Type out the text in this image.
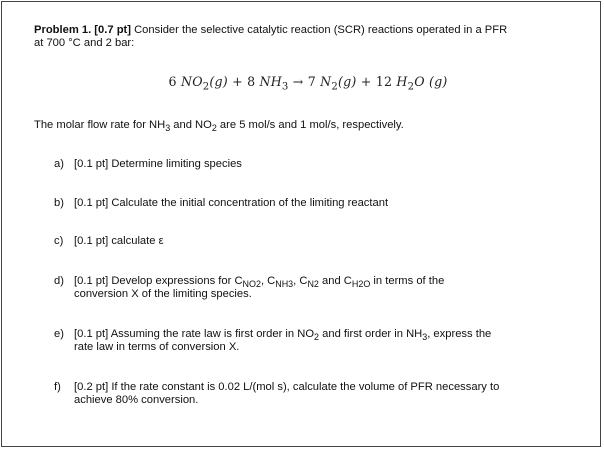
Problem 1. [0.7 pt] Consider the selective catalytic reaction (SCR) reactions operated in a PFR
at 700 °C and 2 bar:

6 $NO_2(g) + 8$ $NH_3 \to 7$ $N_2(g) + 12$ $H_2O$ (g)

The molar flow rate for $NH_3$ and $NO_2$ are 5 mol/s and 1 mol/s, respectively.

a) [0.1 pt] Determine limiting species
b) [0.1 pt] Calculate the initial concentration of the limiting reactant
c) [0.1 pt] calculate ε
d) [0.1 pt] Develop expressions for $C_{NO2}$, $C_{NH3}$, $C_{N2}$ and $C_{H2O}$ in terms of the
conversion X of the limiting species.
e) [0.1 pt] Assuming the rate law is first order in $NO_2$ and first order in $NH_3$, express the
rate law in terms of conversion X.
f) [0.2 pt] If the rate constant is 0.02 L/(mol s), calculate the volume of PFR necessary to
achieve 80% conversion.
